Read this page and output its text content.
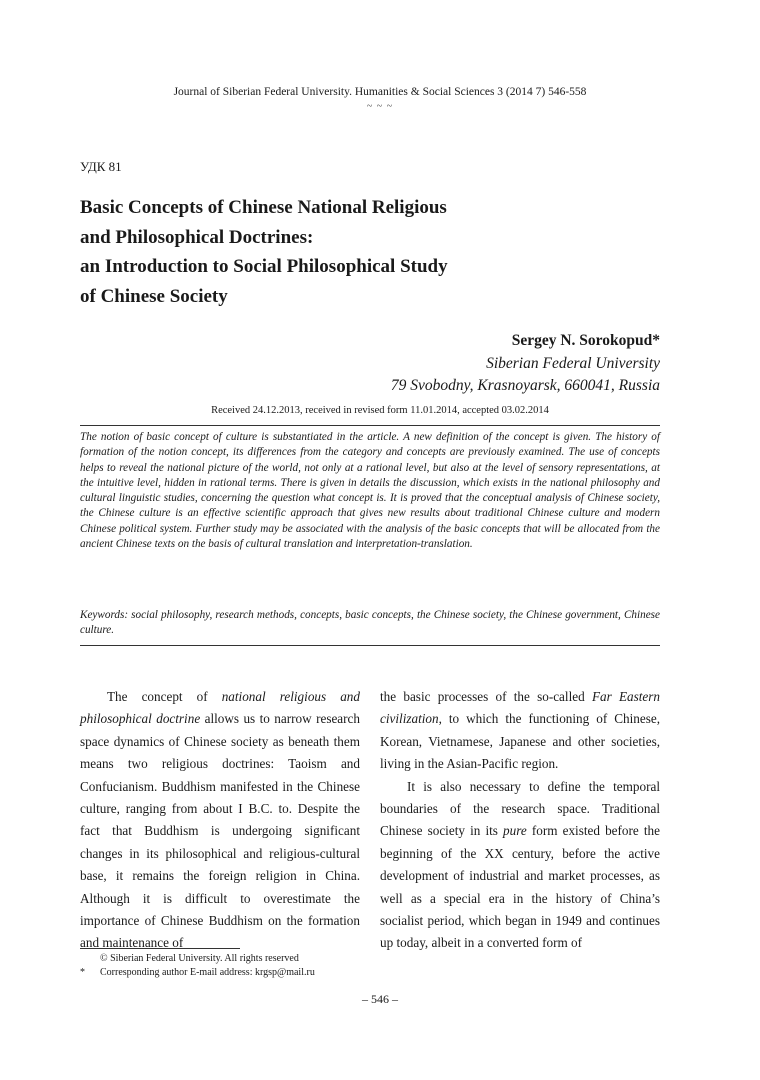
Journal of Siberian Federal University. Humanities & Social Sciences 3 (2014 7) 546-558
~ ~ ~
УДК 81
Basic Concepts of Chinese National Religious
and Philosophical Doctrines:
an Introduction to Social Philosophical Study
of Chinese Society
Sergey N. Sorokopud*
Siberian Federal University
79 Svobodny, Krasnoyarsk, 660041, Russia
Received 24.12.2013, received in revised form 11.01.2014, accepted 03.02.2014
The notion of basic concept of culture is substantiated in the article. A new definition of the concept is given. The history of formation of the notion concept, its differences from the category and concepts are previously examined. The use of concepts helps to reveal the national picture of the world, not only at a rational level, but also at the level of sensory representations, at the intuitive level, hidden in rational terms. There is given in details the discussion, which exists in the national philosophy and cultural linguistic studies, concerning the question what concept is. It is proved that the conceptual analysis of Chinese society, the Chinese culture is an effective scientific approach that gives new results about traditional Chinese culture and modern Chinese political system. Further study may be associated with the analysis of the basic concepts that will be allocated from the ancient Chinese texts on the basis of cultural translation and interpretation-translation.
Keywords: social philosophy, research methods, concepts, basic concepts, the Chinese society, the Chinese government, Chinese culture.

The concept of national religious and philosophical doctrine allows us to narrow research space dynamics of Chinese society as beneath them means two religious doctrines: Taoism and Confucianism. Buddhism manifested in the Chinese culture, ranging from about I B.C. to. Despite the fact that Buddhism is undergoing significant changes in its philosophical and religious-cultural base, it remains the foreign religion in China. Although it is difficult to overestimate the importance of Chinese Buddhism on the formation and maintenance of

the basic processes of the so-called Far Eastern civilization, to which the functioning of Chinese, Korean, Vietnamese, Japanese and other societies, living in the Asian-Pacific region.

It is also necessary to define the temporal boundaries of the research space. Traditional Chinese society in its pure form existed before the beginning of the XX century, before the active development of industrial and market processes, as well as a special era in the history of China’s socialist period, which began in 1949 and continues up today, albeit in a converted form of

© Siberian Federal University. All rights reserved
* Corresponding author E-mail address: krgsp@mail.ru
– 546 –
